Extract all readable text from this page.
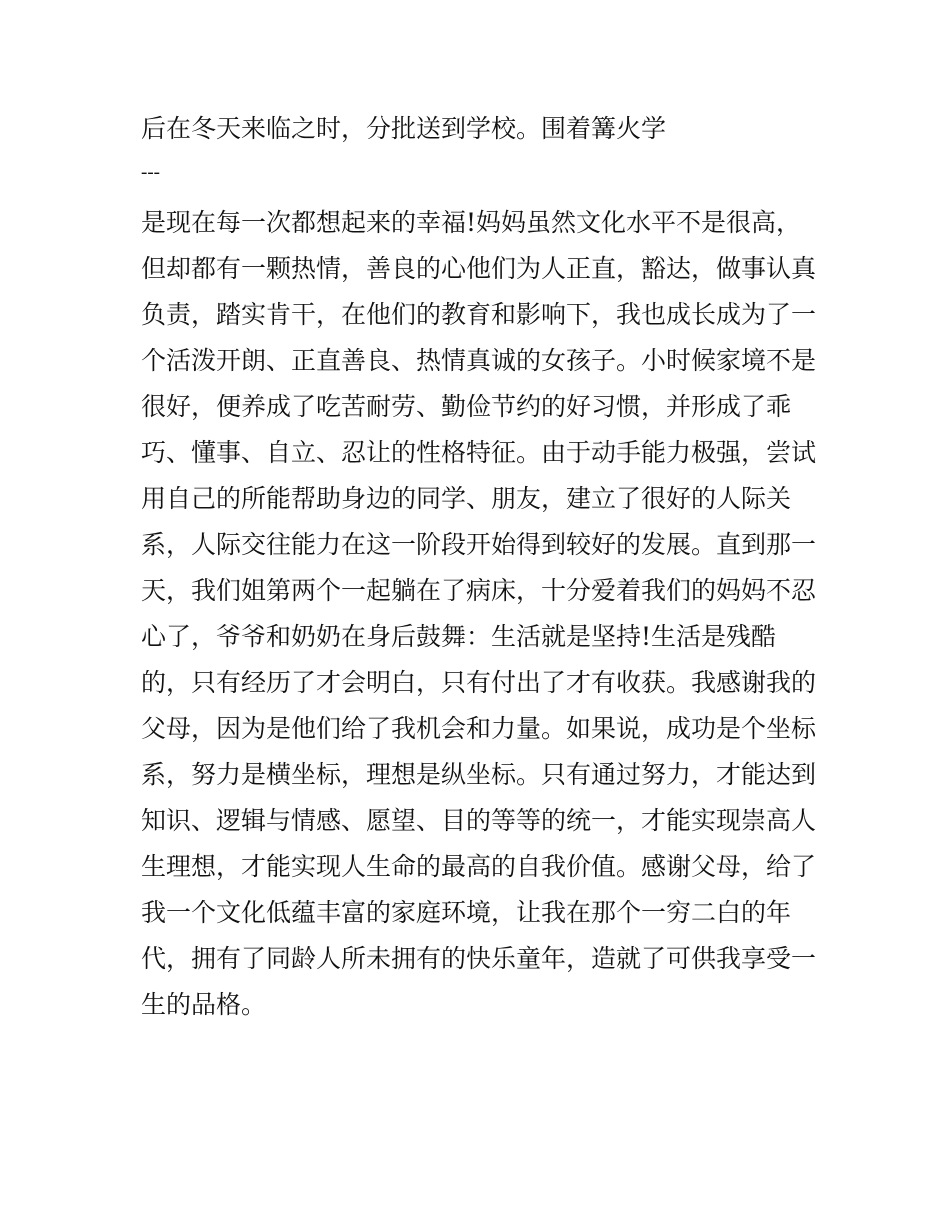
后在冬天来临之时，分批送到学校。围着篝火学
---
是现在每一次都想起来的幸福!妈妈虽然文化水平不是很高，
但却都有一颗热情，善良的心他们为人正直，豁达，做事认真
负责，踏实肯干，在他们的教育和影响下，我也成长成为了一
个活泼开朗、正直善良、热情真诚的女孩子。小时候家境不是
很好，便养成了吃苦耐劳、勤俭节约的好习惯，并形成了乖
巧、懂事、自立、忍让的性格特征。由于动手能力极强，尝试
用自己的所能帮助身边的同学、朋友，建立了很好的人际关
系，人际交往能力在这一阶段开始得到较好的发展。直到那一
天，我们姐第两个一起躺在了病床，十分爱着我们的妈妈不忍
心了，爷爷和奶奶在身后鼓舞：生活就是坚持!生活是残酷
的，只有经历了才会明白，只有付出了才有收获。我感谢我的
父母，因为是他们给了我机会和力量。如果说，成功是个坐标
系，努力是横坐标，理想是纵坐标。只有通过努力，才能达到
知识、逻辑与情感、愿望、目的等等的统一，才能实现崇高人
生理想，才能实现人生命的最高的自我价值。感谢父母，给了
我一个文化低蕴丰富的家庭环境，让我在那个一穷二白的年
代，拥有了同龄人所未拥有的快乐童年，造就了可供我享受一
生的品格。
